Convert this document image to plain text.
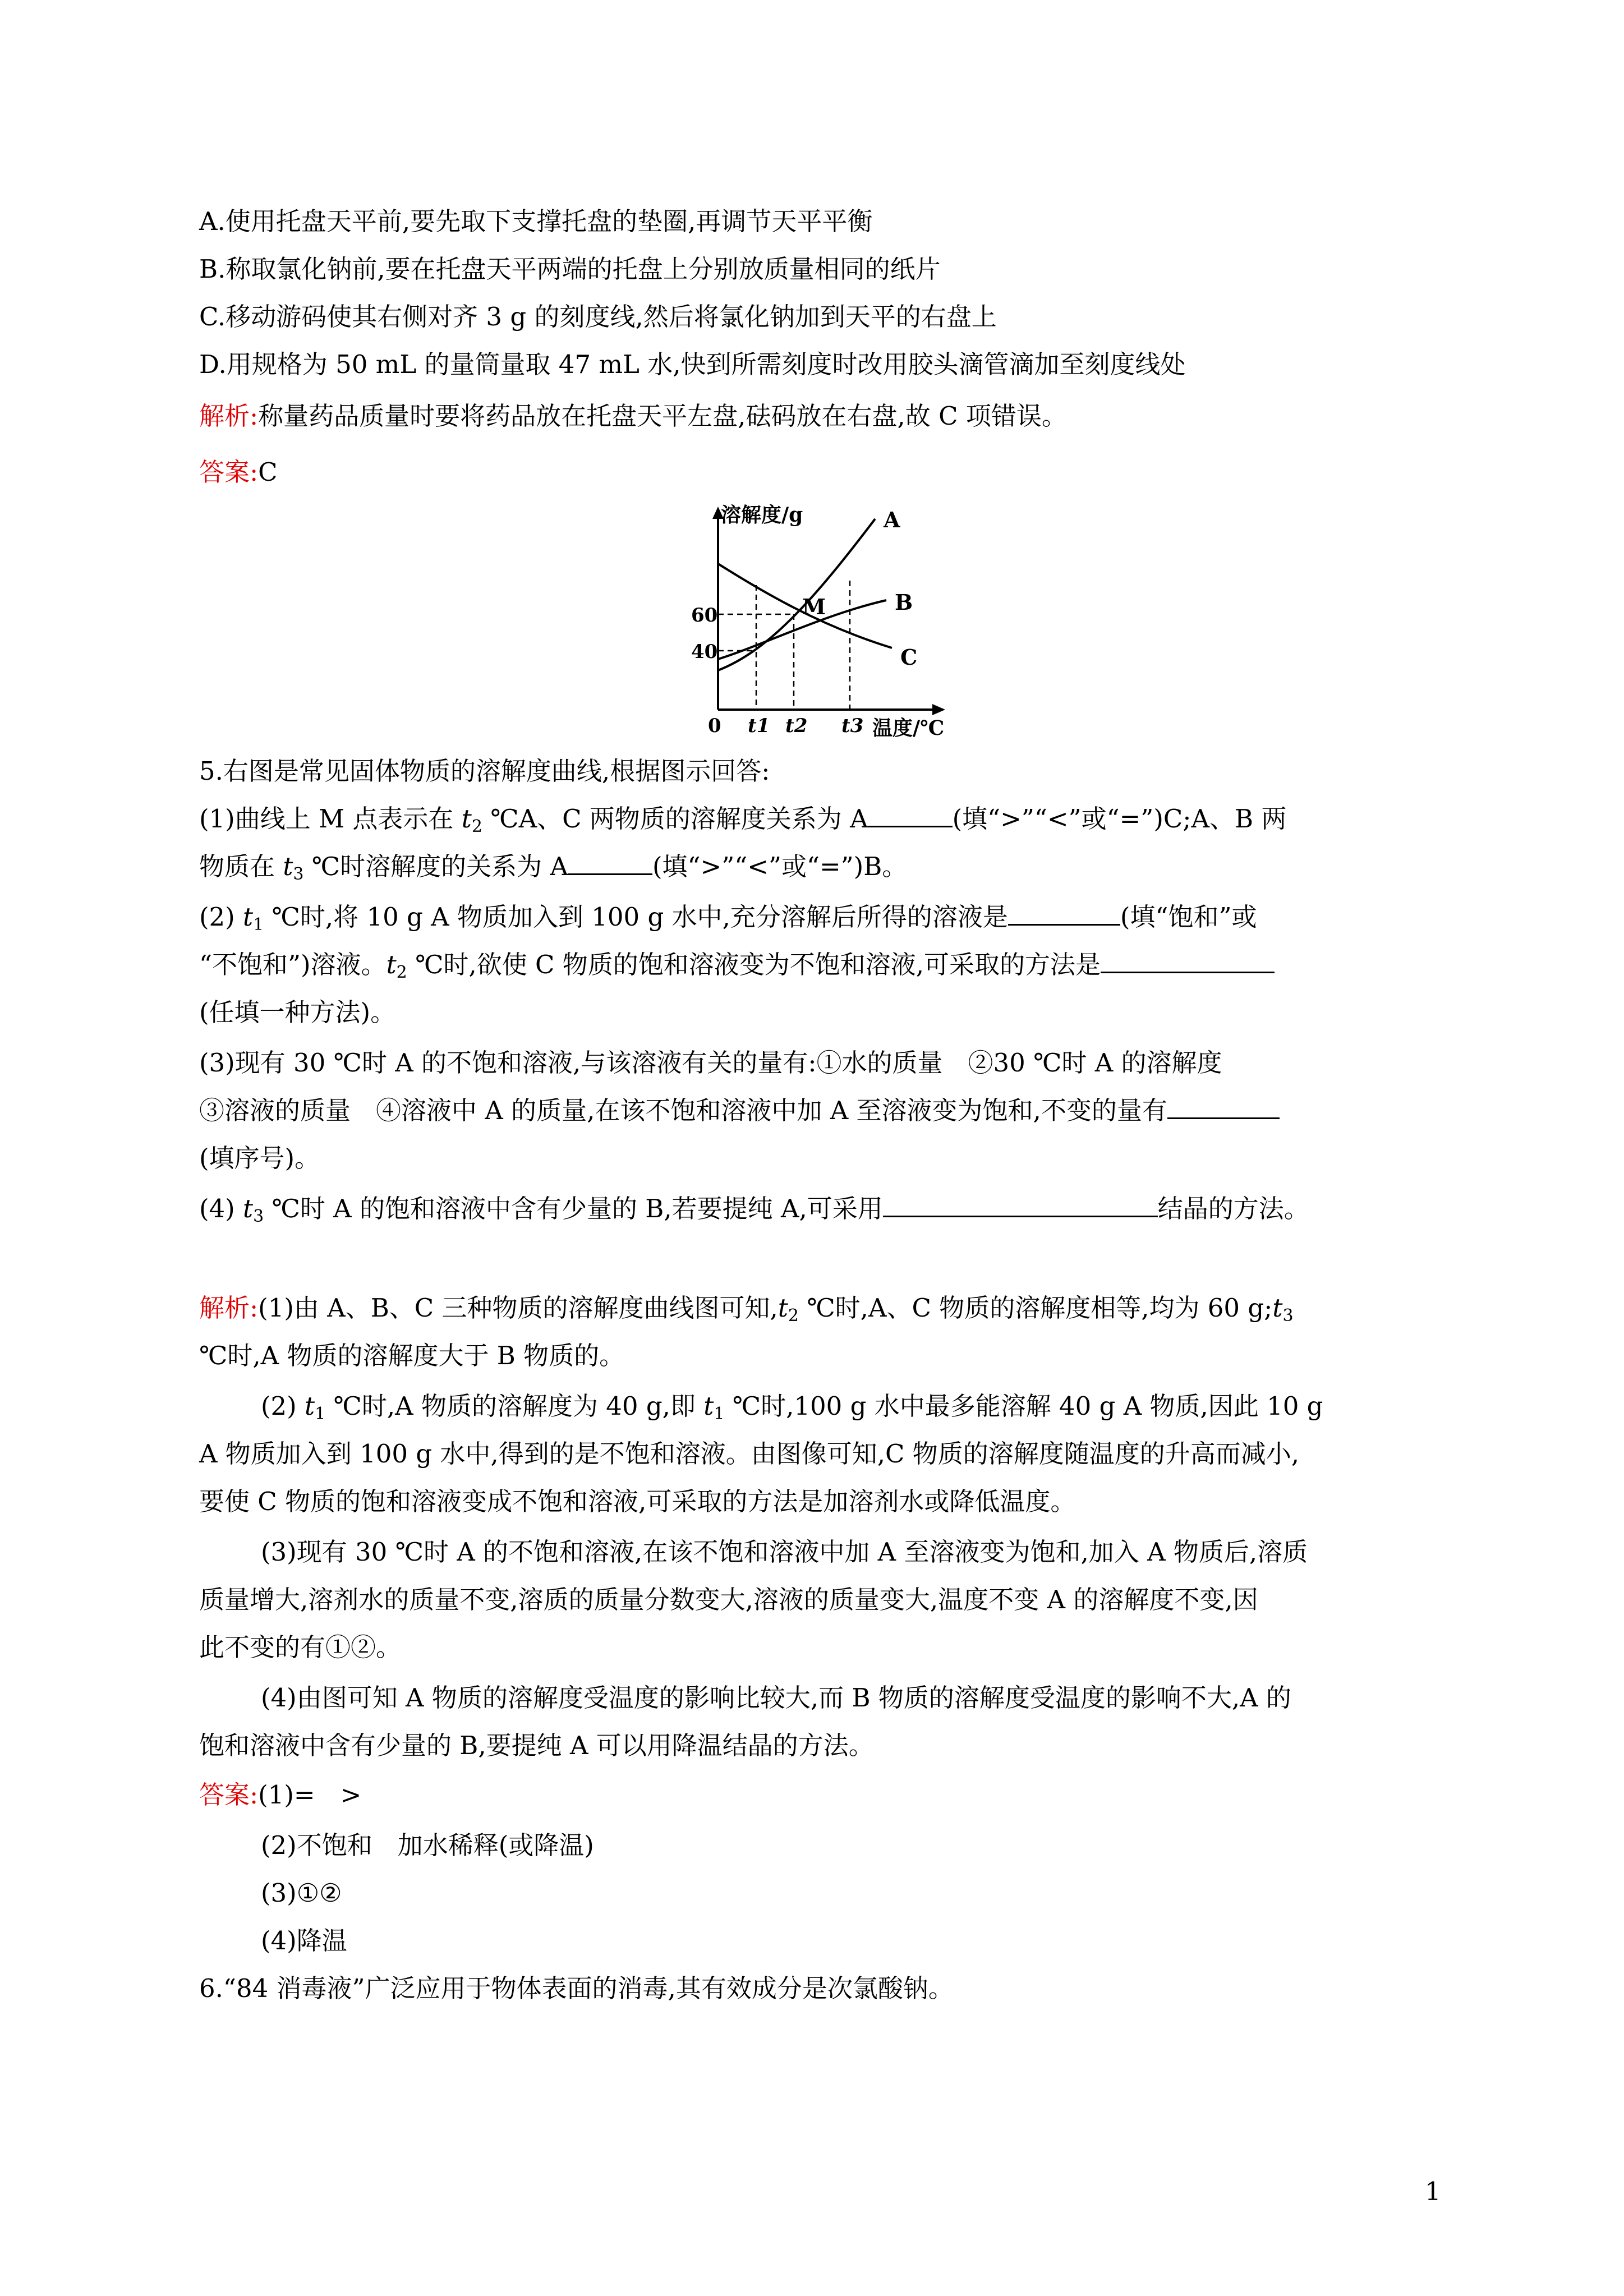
A.使用托盘天平前,要先取下支撑托盘的垫圈,再调节天平平衡
B.称取氯化钠前,要在托盘天平两端的托盘上分别放质量相同的纸片
C.移动游码使其右侧对齐 3 g 的刻度线,然后将氯化钠加到天平的右盘上
D.用规格为 50 mL 的量筒量取 47 mL 水,快到所需刻度时改用胶头滴管滴加至刻度线处
解析:称量药品质量时要将药品放在托盘天平左盘,砝码放在右盘,故 C 项错误。
答案:C
溶解度/g	A
B
C
M
60
40
0 t1 t2 t3 温度/℃
5.右图是常见固体物质的溶解度曲线,根据图示回答:
(1)曲线上 M 点表示在 $t_2$ ℃A、C 两物质的溶解度关系为 A	(填“>”“<”或“=”)C;A、B 两
物质在 $t_3$ ℃时溶解度的关系为 A	(填“>”“<”或“=”)B。
(2) $t_1$ ℃时,将 10 g A 物质加入到 100 g 水中,充分溶解后所得的溶液是	(填“饱和”或
“不饱和”)溶液。$t_2$ ℃时,欲使 C 物质的饱和溶液变为不饱和溶液,可采取的方法是
(任填一种方法)。
(3)现有 30 ℃时 A 的不饱和溶液,与该溶液有关的量有:①水的质量　②30 ℃时 A 的溶解度
③溶液的质量　④溶液中 A 的质量,在该不饱和溶液中加 A 至溶液变为饱和,不变的量有
(填序号)。
(4) $t_3$ ℃时 A 的饱和溶液中含有少量的 B,若要提纯 A,可采用	结晶的方法。
解析:(1)由 A、B、C 三种物质的溶解度曲线图可知$,t_2$ ℃时,A、C 物质的溶解度相等,均为 60 $g;t_3$
℃时,A 物质的溶解度大于 B 物质的。
(2) $t_1$ ℃时,A 物质的溶解度为 40 g,即 $t_1$ ℃时,100 g 水中最多能溶解 40 g A 物质,因此 10 g
A 物质加入到 100 g 水中,得到的是不饱和溶液。由图像可知,C 物质的溶解度随温度的升高而减小,
要使 C 物质的饱和溶液变成不饱和溶液,可采取的方法是加溶剂水或降低温度。
(3)现有 30 ℃时 A 的不饱和溶液,在该不饱和溶液中加 A 至溶液变为饱和,加入 A 物质后,溶质
质量增大,溶剂水的质量不变,溶质的质量分数变大,溶液的质量变大,温度不变 A 的溶解度不变,因
此不变的有①②。
(4)由图可知 A 物质的溶解度受温度的影响比较大,而 B 物质的溶解度受温度的影响不大,A 的
饱和溶液中含有少量的 B,要提纯 A 可以用降温结晶的方法。
答案:(1)=　>
(2)不饱和　加水稀释(或降温)
(3)①②
(4)降温
6.“84 消毒液”广泛应用于物体表面的消毒,其有效成分是次氯酸钠。
1
